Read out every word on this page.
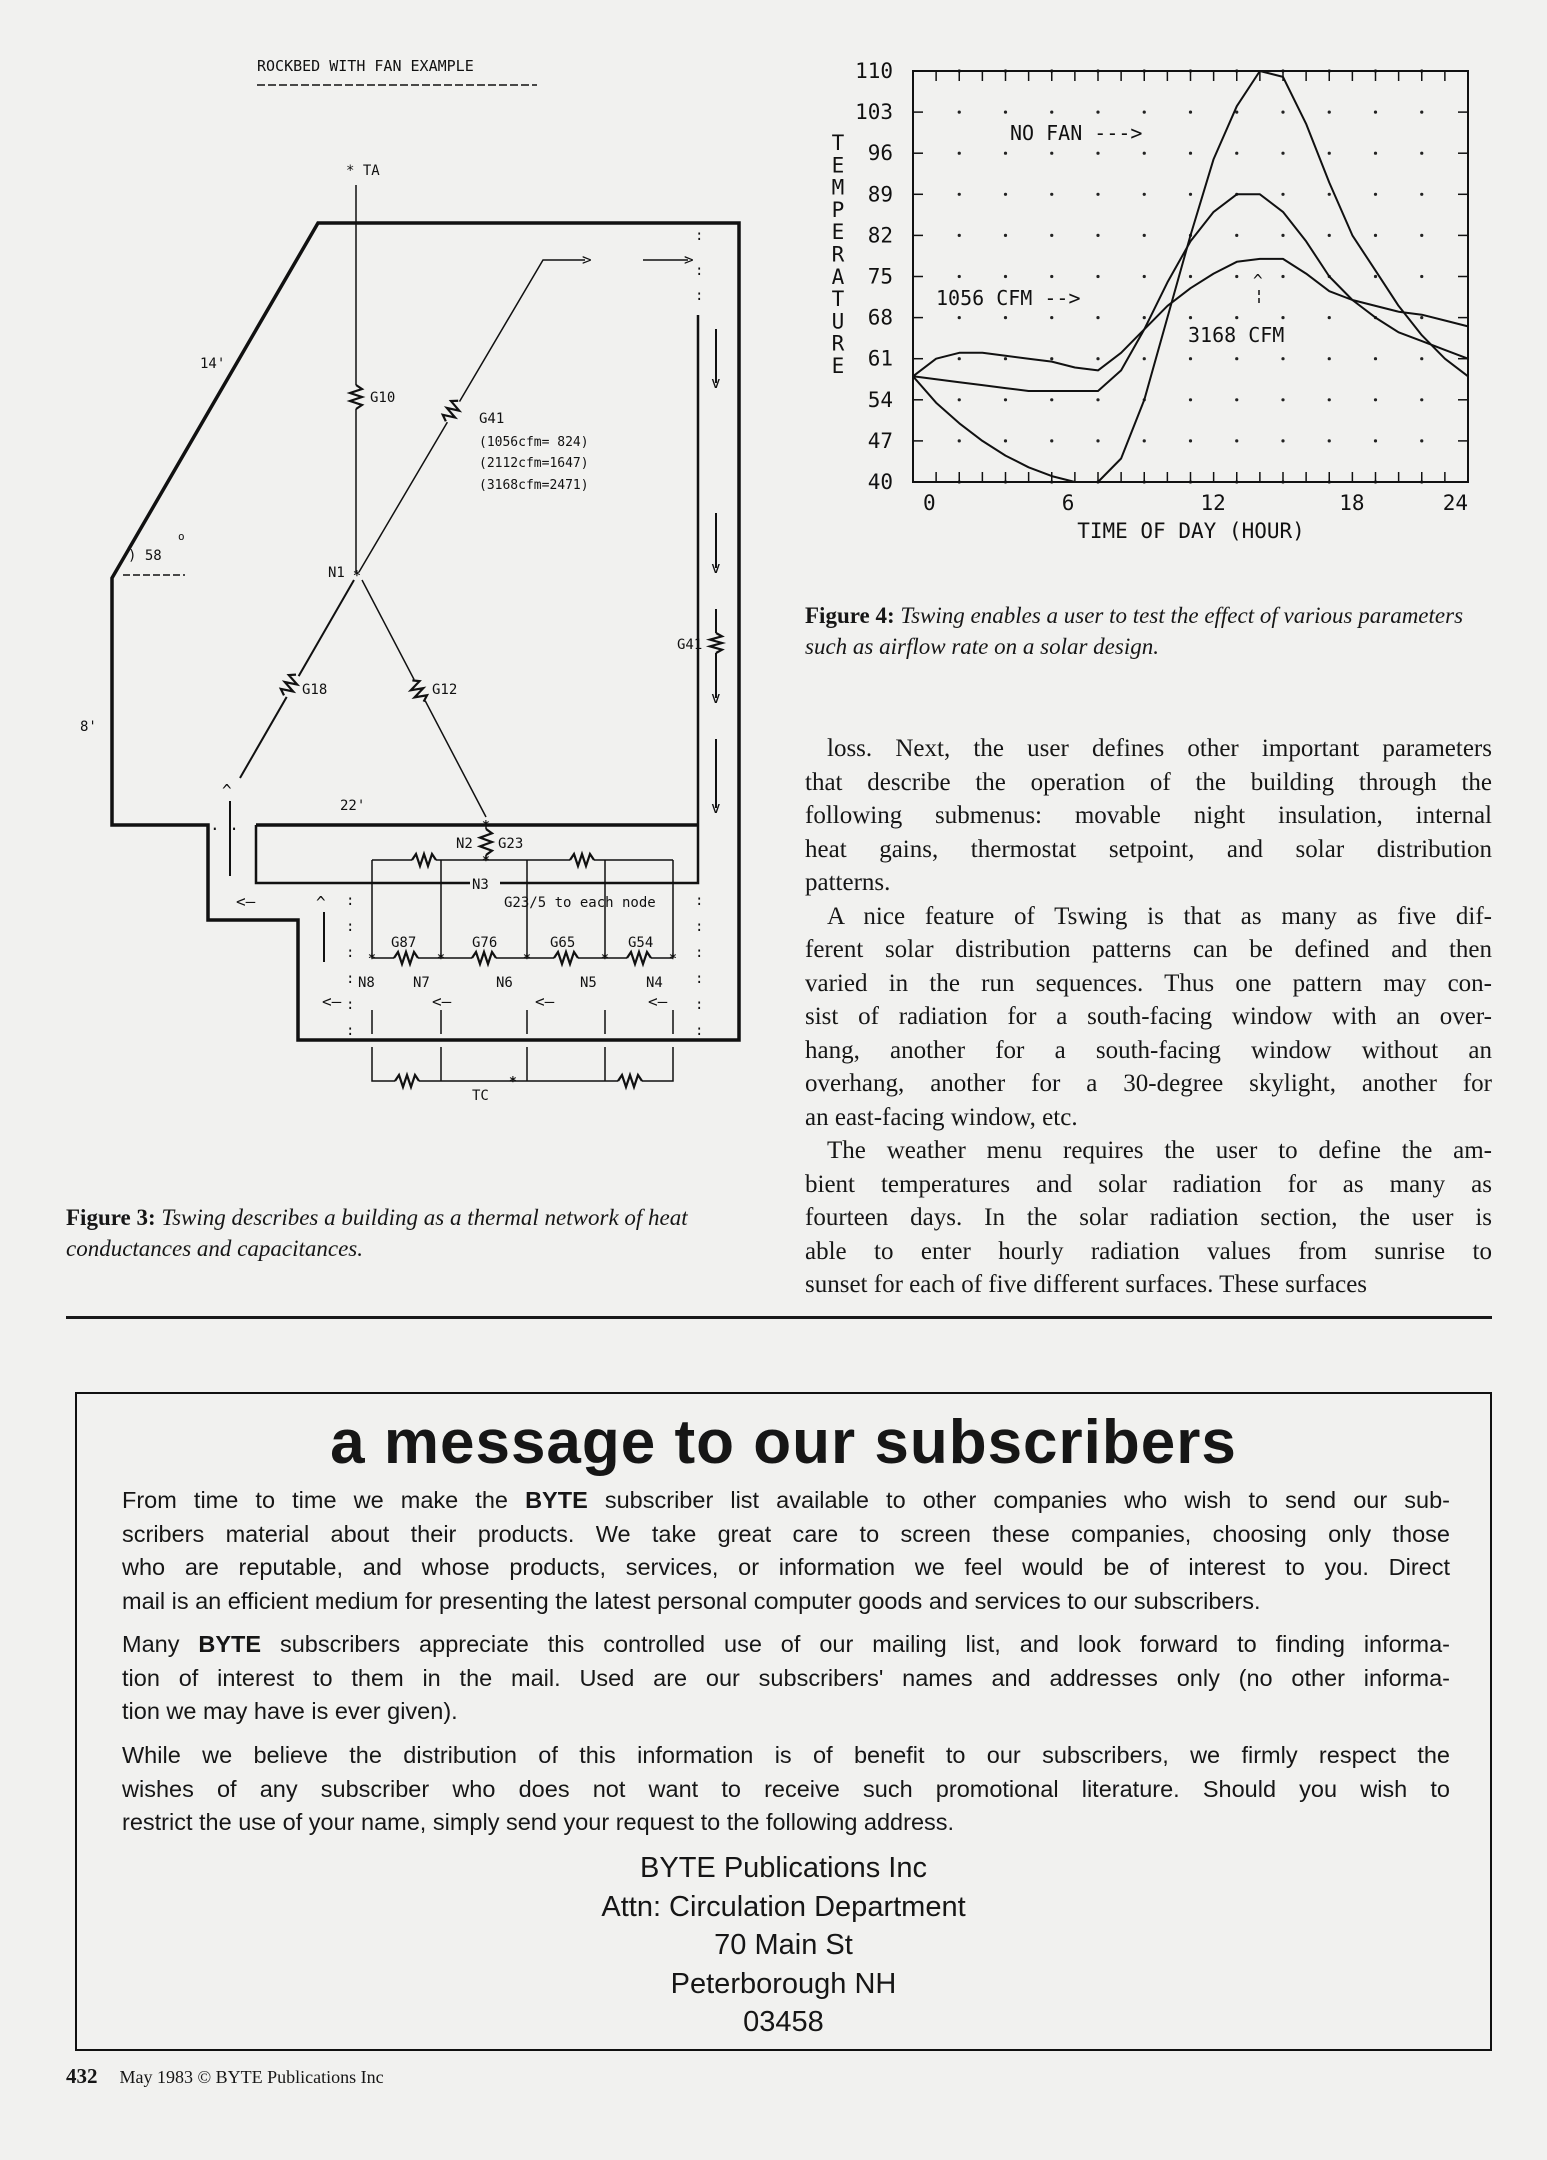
ROCKBED WITH FAN EXAMPLE
* TA
G10
G41
(1056cfm= 824)
(2112cfm=1647)
(3168cfm=2471)
14'
o
) 58
N1
G18	G12
G41
8'
22'
N2 G23
N3
G23/5 to each node
G87	G76	G65	G54
N8	N7	N6	N5	N4
TC
>	>
v
v
v
v
^
^
<—
<—	<—	<—	<—
. .
:
:
:
:	:
:	:
:	:
:	:
:	:
:	:
*
*
*
*	*	*	*	*
*
Figure 3: Tswing describes a building as a thermal network of heat conductances and capacitances.
40
47
54
61
68
75
82
89
96
103
110
0	6	12	18	24
T
E
M
P
E
R
A
T
U
R
E
TIME OF DAY (HOUR)
NO FAN --->
1056 CFM -->
3168 CFM
^
Figure 4: Tswing enables a user to test the effect of various parameters such as airflow rate on a solar design.
loss. Next, the user defines other important parameters
that describe the operation of the building through the
following submenus: movable night insulation, internal
heat gains, thermostat setpoint, and solar distribution
patterns.
A nice feature of Tswing is that as many as five dif-
ferent solar distribution patterns can be defined and then
varied in the run sequences. Thus one pattern may con-
sist of radiation for a south-facing window with an over-
hang, another for a south-facing window without an
overhang, another for a 30-degree skylight, another for
an east-facing window, etc.
The weather menu requires the user to define the am-
bient temperatures and solar radiation for as many as
fourteen days. In the solar radiation section, the user is
able to enter hourly radiation values from sunrise to
sunset for each of five different surfaces. These surfaces
a message to our subscribers
From time to time we make the BYTE subscriber list available to other companies who wish to send our sub-
scribers material about their products. We take great care to screen these companies, choosing only those
who are reputable, and whose products, services, or information we feel would be of interest to you. Direct
mail is an efficient medium for presenting the latest personal computer goods and services to our subscribers.
Many BYTE subscribers appreciate this controlled use of our mailing list, and look forward to finding informa-
tion of interest to them in the mail. Used are our subscribers' names and addresses only (no other informa-
tion we may have is ever given).
While we believe the distribution of this information is of benefit to our subscribers, we firmly respect the
wishes of any subscriber who does not want to receive such promotional literature. Should you wish to
restrict the use of your name, simply send your request to the following address.
BYTE Publications Inc
Attn: Circulation Department
70 Main St
Peterborough NH
03458
432 May 1983 © BYTE Publications Inc
